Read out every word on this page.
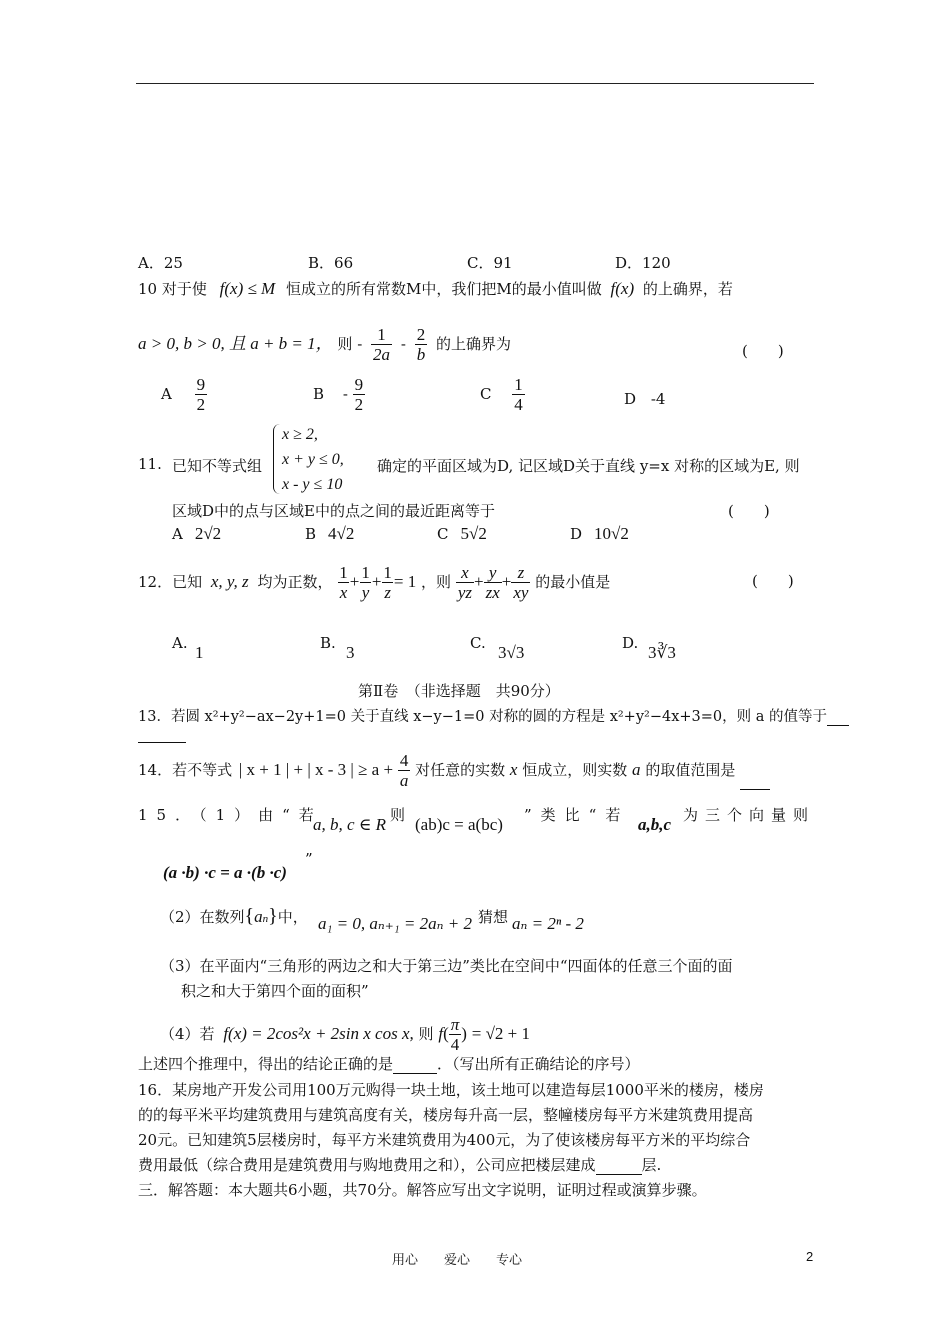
A．25	B．66	C．91	D．120
10 对于使 f(x) ≤ M 恒成立的所有常数M中，我们把M的最小值叫做 f(x) 的上确界，若
a > 0, b > 0, 且 a + b = 1， 则 - $\frac{1}{2a} - \frac{2}{b}$ 的上确界为	(　　)
A $\frac{9}{2}$	B - $\frac{9}{2}$	C $\frac{1}{4}$	D -4
11. 已知不等式组
x ≥ 2,
x + y ≤ 0,
x - y ≤ 10
确定的平面区域为D, 记区域D关于直线 y=x 对称的区域为E, 则
区域D中的点与区域E中的点之间的最近距离等于	(　　)
A 2√2	B 4√2	C 5√2	D 10√2
12．已知 x, y, z 均为正数， $\frac{1}{x} + \frac{1}{y} + \frac{1}{z} = 1$ ，则 $\frac{x}{yz} + \frac{y}{zx} + \frac{z}{xy}$ 的最小值是	(　　)
A. 1	B. 3	C. 3√3	D. 3∛3
第Ⅱ卷　（非选择题　共90分）
13．若圆 x²+y²−ax−2y+1=0 关于直线 x−y−1=0 对称的圆的方程是 x²+y²−4x+3=0，则 a 的值等于
14．若不等式 | x + 1 | + | x - 3 | ≥ $a + \frac{4}{a}$ 对任意的实数 x 恒成立，则实数 a 的取值范围是
15．（1）由“若
a, b, c ∈ R 则 (ab)c = a(bc) ”类比“若 a,b,c 为三个向量则
(a ·b) ·c = a ·(b ·c)
”
（2）在数列{an}中， a₁ = 0, aₙ₊₁ = 2aₙ + 2 猜想 aₙ = 2ⁿ - 2
（3）在平面内“三角形的两边之和大于第三边”类比在空间中“四面体的任意三个面的面
积之和大于第四个面的面积”
（4）若 f(x) = 2cos²x + 2sin x cos x, 则 $f( \frac{\pi}{4}$ ) = √2 + 1
上述四个推理中，得出的结论正确的是	．（写出所有正确结论的序号）
16．某房地产开发公司用100万元购得一块土地，该土地可以建造每层1000平米的楼房，楼房
的的每平米平均建筑费用与建筑高度有关，楼房每升高一层，整幢楼房每平方米建筑费用提高
20元。已知建筑5层楼房时，每平方米建筑费用为400元，为了使该楼房每平方米的平均综合
费用最低（综合费用是建筑费用与购地费用之和），公司应把楼层建成	层.
三．解答题：本大题共6小题，共70分。解答应写出文字说明，证明过程或演算步骤。
用心　　爱心　　专心	2
